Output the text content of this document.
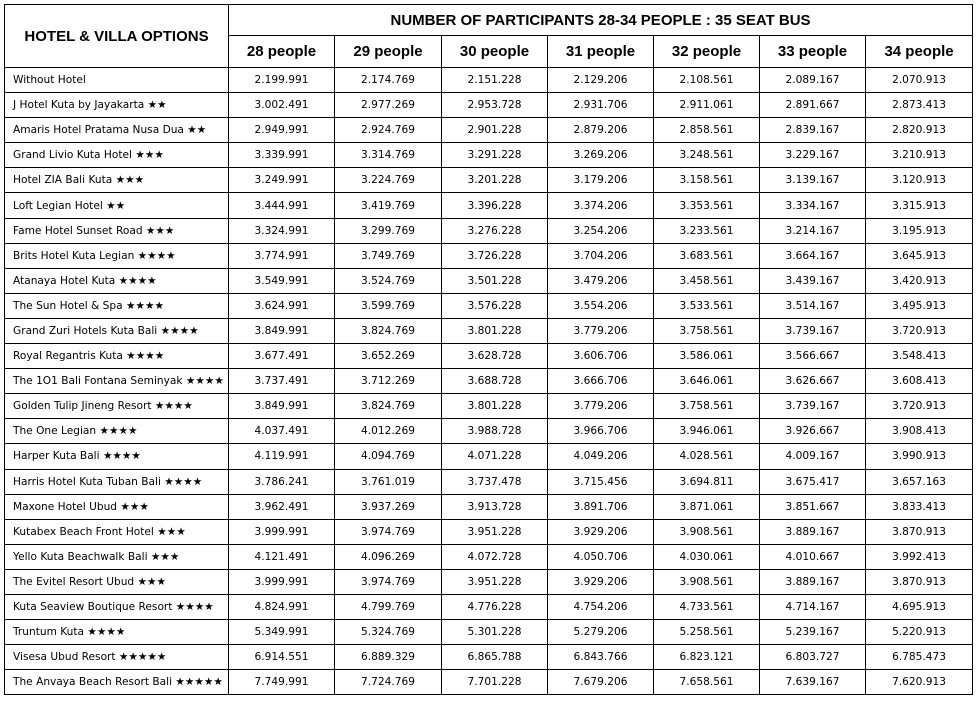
HOTEL & VILLA OPTIONS	NUMBER OF PARTICIPANTS 28-34 PEOPLE : 35 SEAT BUS						
	28 people	29 people	30 people	31 people	32 people	33 people	34 people
Without Hotel	2.199.991	2.174.769	2.151.228	2.129.206	2.108.561	2.089.167	2.070.913
J Hotel Kuta by Jayakarta ★★	3.002.491	2.977.269	2.953.728	2.931.706	2.911.061	2.891.667	2.873.413
Amaris Hotel Pratama Nusa Dua ★★	2.949.991	2.924.769	2.901.228	2.879.206	2.858.561	2.839.167	2.820.913
Grand Livio Kuta Hotel ★★★	3.339.991	3.314.769	3.291.228	3.269.206	3.248.561	3.229.167	3.210.913
Hotel ZIA Bali Kuta ★★★	3.249.991	3.224.769	3.201.228	3.179.206	3.158.561	3.139.167	3.120.913
Loft Legian Hotel ★★	3.444.991	3.419.769	3.396.228	3.374.206	3.353.561	3.334.167	3.315.913
Fame Hotel Sunset Road ★★★	3.324.991	3.299.769	3.276.228	3.254.206	3.233.561	3.214.167	3.195.913
Brits Hotel Kuta Legian ★★★★	3.774.991	3.749.769	3.726.228	3.704.206	3.683.561	3.664.167	3.645.913
Atanaya Hotel Kuta ★★★★	3.549.991	3.524.769	3.501.228	3.479.206	3.458.561	3.439.167	3.420.913
The Sun Hotel & Spa ★★★★	3.624.991	3.599.769	3.576.228	3.554.206	3.533.561	3.514.167	3.495.913
Grand Zuri Hotels Kuta Bali ★★★★	3.849.991	3.824.769	3.801.228	3.779.206	3.758.561	3.739.167	3.720.913
Royal Regantris Kuta ★★★★	3.677.491	3.652.269	3.628.728	3.606.706	3.586.061	3.566.667	3.548.413
The 1O1 Bali Fontana Seminyak ★★★★	3.737.491	3.712.269	3.688.728	3.666.706	3.646.061	3.626.667	3.608.413
Golden Tulip Jineng Resort ★★★★	3.849.991	3.824.769	3.801.228	3.779.206	3.758.561	3.739.167	3.720.913
The One Legian ★★★★	4.037.491	4.012.269	3.988.728	3.966.706	3.946.061	3.926.667	3.908.413
Harper Kuta Bali ★★★★	4.119.991	4.094.769	4.071.228	4.049.206	4.028.561	4.009.167	3.990.913
Harris Hotel Kuta Tuban Bali ★★★★	3.786.241	3.761.019	3.737.478	3.715.456	3.694.811	3.675.417	3.657.163
Maxone Hotel Ubud ★★★	3.962.491	3.937.269	3.913.728	3.891.706	3.871.061	3.851.667	3.833.413
Kutabex Beach Front Hotel ★★★	3.999.991	3.974.769	3.951.228	3.929.206	3.908.561	3.889.167	3.870.913
Yello Kuta Beachwalk Bali ★★★	4.121.491	4.096.269	4.072.728	4.050.706	4.030.061	4.010.667	3.992.413
The Evitel Resort Ubud ★★★	3.999.991	3.974.769	3.951.228	3.929.206	3.908.561	3.889.167	3.870.913
Kuta Seaview Boutique Resort ★★★★	4.824.991	4.799.769	4.776.228	4.754.206	4.733.561	4.714.167	4.695.913
Truntum Kuta ★★★★	5.349.991	5.324.769	5.301.228	5.279.206	5.258.561	5.239.167	5.220.913
Visesa Ubud Resort ★★★★★	6.914.551	6.889.329	6.865.788	6.843.766	6.823.121	6.803.727	6.785.473
The Anvaya Beach Resort Bali ★★★★★	7.749.991	7.724.769	7.701.228	7.679.206	7.658.561	7.639.167	7.620.913
